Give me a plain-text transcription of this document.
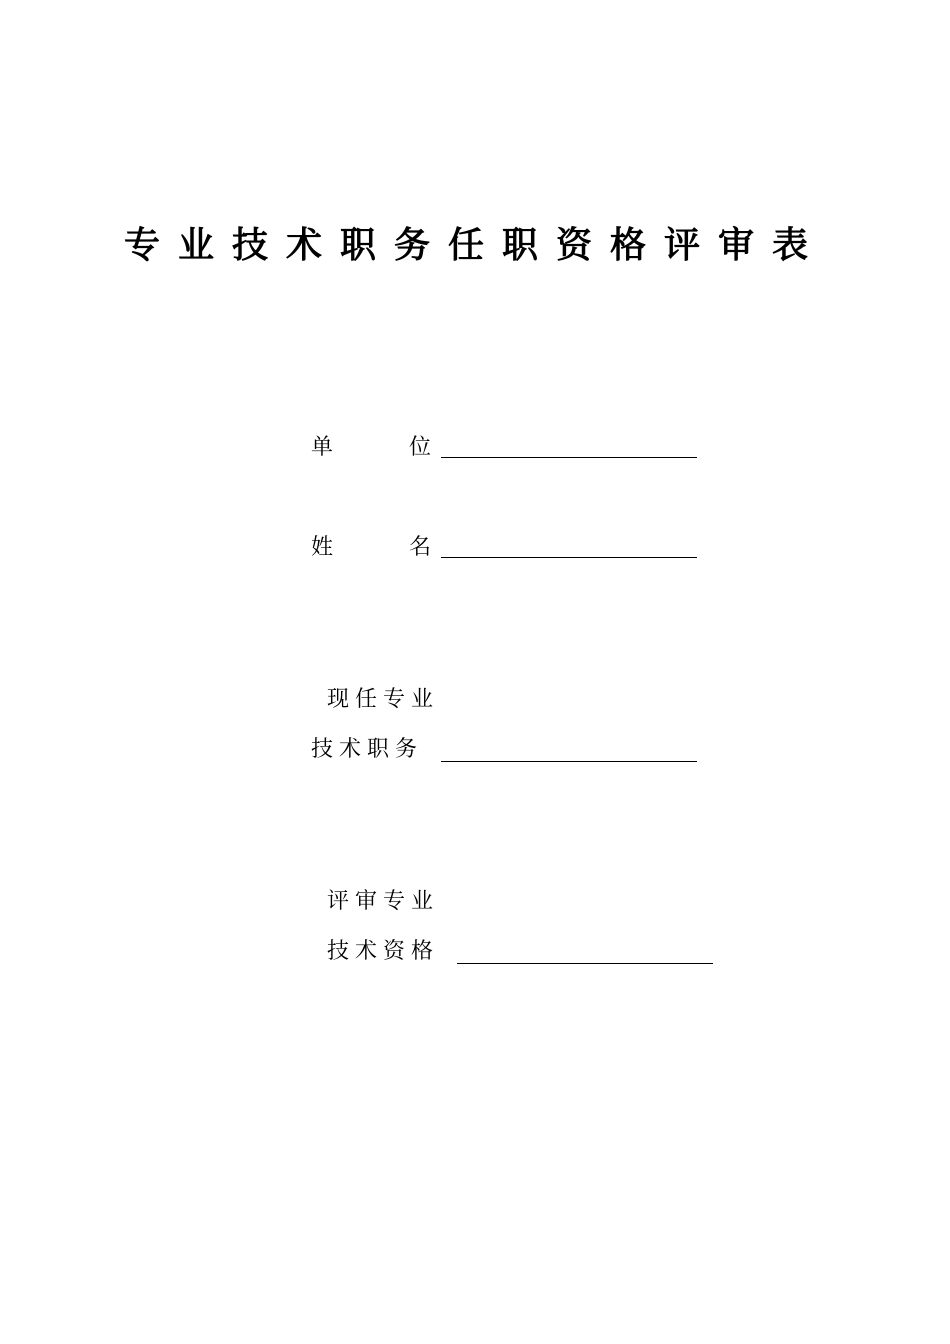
专业技术职务任职资格评审表
单	位
姓	名
现任专业
技术职务
评审专业
技术资格
